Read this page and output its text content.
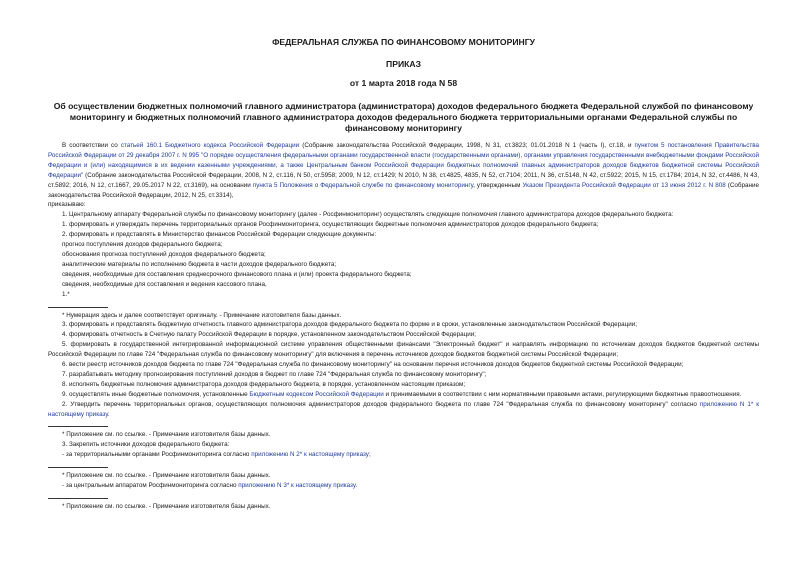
ФЕДЕРАЛЬНАЯ СЛУЖБА ПО ФИНАНСОВОМУ МОНИТОРИНГУ

ПРИКАЗ

от 1 марта 2018 года N 58

Об осуществлении бюджетных полномочий главного администратора (администратора) доходов федерального бюджета Федеральной службой по финансовому мониторингу и бюджетных полномочий главного администратора доходов федерального бюджета территориальными органами Федеральной службы по финансовому мониторингу

В соответствии со статьей 160.1 Бюджетного кодекса Российской Федерации (Собрание законодательства Российской Федерации, 1998, N 31, ст.3823; 01.01.2018 N 1 (часть I), ст.18, и пунктом 5 постановления Правительства Российской Федерации от 29 декабря 2007 г. N 995 "О порядке осуществления федеральными органами государственной власти (государственными органами), органами управления государственными внебюджетными фондами Российской Федерации и (или) находящимися в их ведении казенными учреждениями, а также Центральным банком Российской Федерации бюджетных полномочий главных администраторов доходов бюджетов бюджетной системы Российской Федерации" (Собрание законодательства Российской Федерации, 2008, N 2, ст.116, N 50, ст.5958; 2009, N 12, ст.1429; N 2010, N 38, ст.4825, 4835, N 52, ст.7104; 2011, N 36, ст.5148, N 42, ст.5922; 2015, N 15, ст.1784; 2014, N 32, ст.4486, N 43, ст.5892; 2016, N 12, ст.1667, 29.05.2017 N 22, ст.3169), на основании пункта 5 Положения о Федеральной службе по финансовому мониторингу, утвержденным Указом Президента Российской Федерации от 13 июня 2012 г. N 808 (Собрание законодательства Российской Федерации, 2012, N 25, ст.3314),

приказываю:

1. Центральному аппарату Федеральной службы по финансовому мониторингу (далее - Росфинмониторинг) осуществлять следующие полномочия главного администратора доходов федерального бюджета:

1. формировать и утверждать перечень территориальных органов Росфинмониторинга, осуществляющих бюджетные полномочия администраторов доходов федерального бюджета;

2. формировать и представлять в Министерство финансов Российской Федерации следующие документы:

прогноз поступления доходов федерального бюджета;

обоснования прогноза поступлений доходов федерального бюджета;

аналитические материалы по исполнению бюджета в части доходов федерального бюджета;

сведения, необходимые для составления среднесрочного финансового плана и (или) проекта федерального бюджета;

сведения, необходимые для составления и ведения кассового плана,

1.*

* Нумерация здесь и далее соответствует оригиналу. - Примечание изготовителя базы данных.

3. формировать и представлять бюджетную отчетность главного администратора доходов федерального бюджета по форме и в сроки, установленные законодательством Российской Федерации;

4. формировать отчетность в Счетную палату Российской Федерации в порядке, установленном законодательством Российской Федерации;

5. формировать в государственной интегрированной информационной системе управления общественными финансами "Электронный бюджет" и направлять информацию по источникам доходов бюджетов бюджетной системы Российской Федерации по главе 724 "Федеральная служба по финансовому мониторингу" для включения в перечень источников доходов бюджетов бюджетной системы Российской Федерации;

6. вести реестр источников доходов бюджета по главе 724 "Федеральная служба по финансовому мониторингу" на основании перечня источников доходов бюджетов бюджетной системы Российской Федерации;

7. разрабатывать методику прогнозирования поступлений доходов в бюджет по главе 724 "Федеральная служба по финансовому мониторингу";

8. исполнять бюджетные полномочия администратора доходов федерального бюджета, в порядке, установленном настоящим приказом;

9. осуществлять иные бюджетные полномочия, установленные Бюджетным кодексом Российской Федерации и принимаемыми в соответствии с ним нормативными правовыми актами, регулирующими бюджетные правоотношения.

2. Утвердить перечень территориальных органов, осуществляющих полномочия администраторов доходов федерального бюджета по главе 724 "Федеральная служба по финансовому мониторингу" согласно приложению N 1* к настоящему приказу.

* Приложение см. по ссылке. - Примечание изготовителя базы данных.

3. Закрепить источники доходов федерального бюджета:

- за территориальными органами Росфинмониторинга согласно приложению N 2* к настоящему приказу;

* Приложение см. по ссылке. - Примечание изготовителя базы данных.

- за центральным аппаратом Росфинмониторинга согласно приложению N 3* к настоящему приказу.

* Приложение см. по ссылке. - Примечание изготовителя базы данных.
